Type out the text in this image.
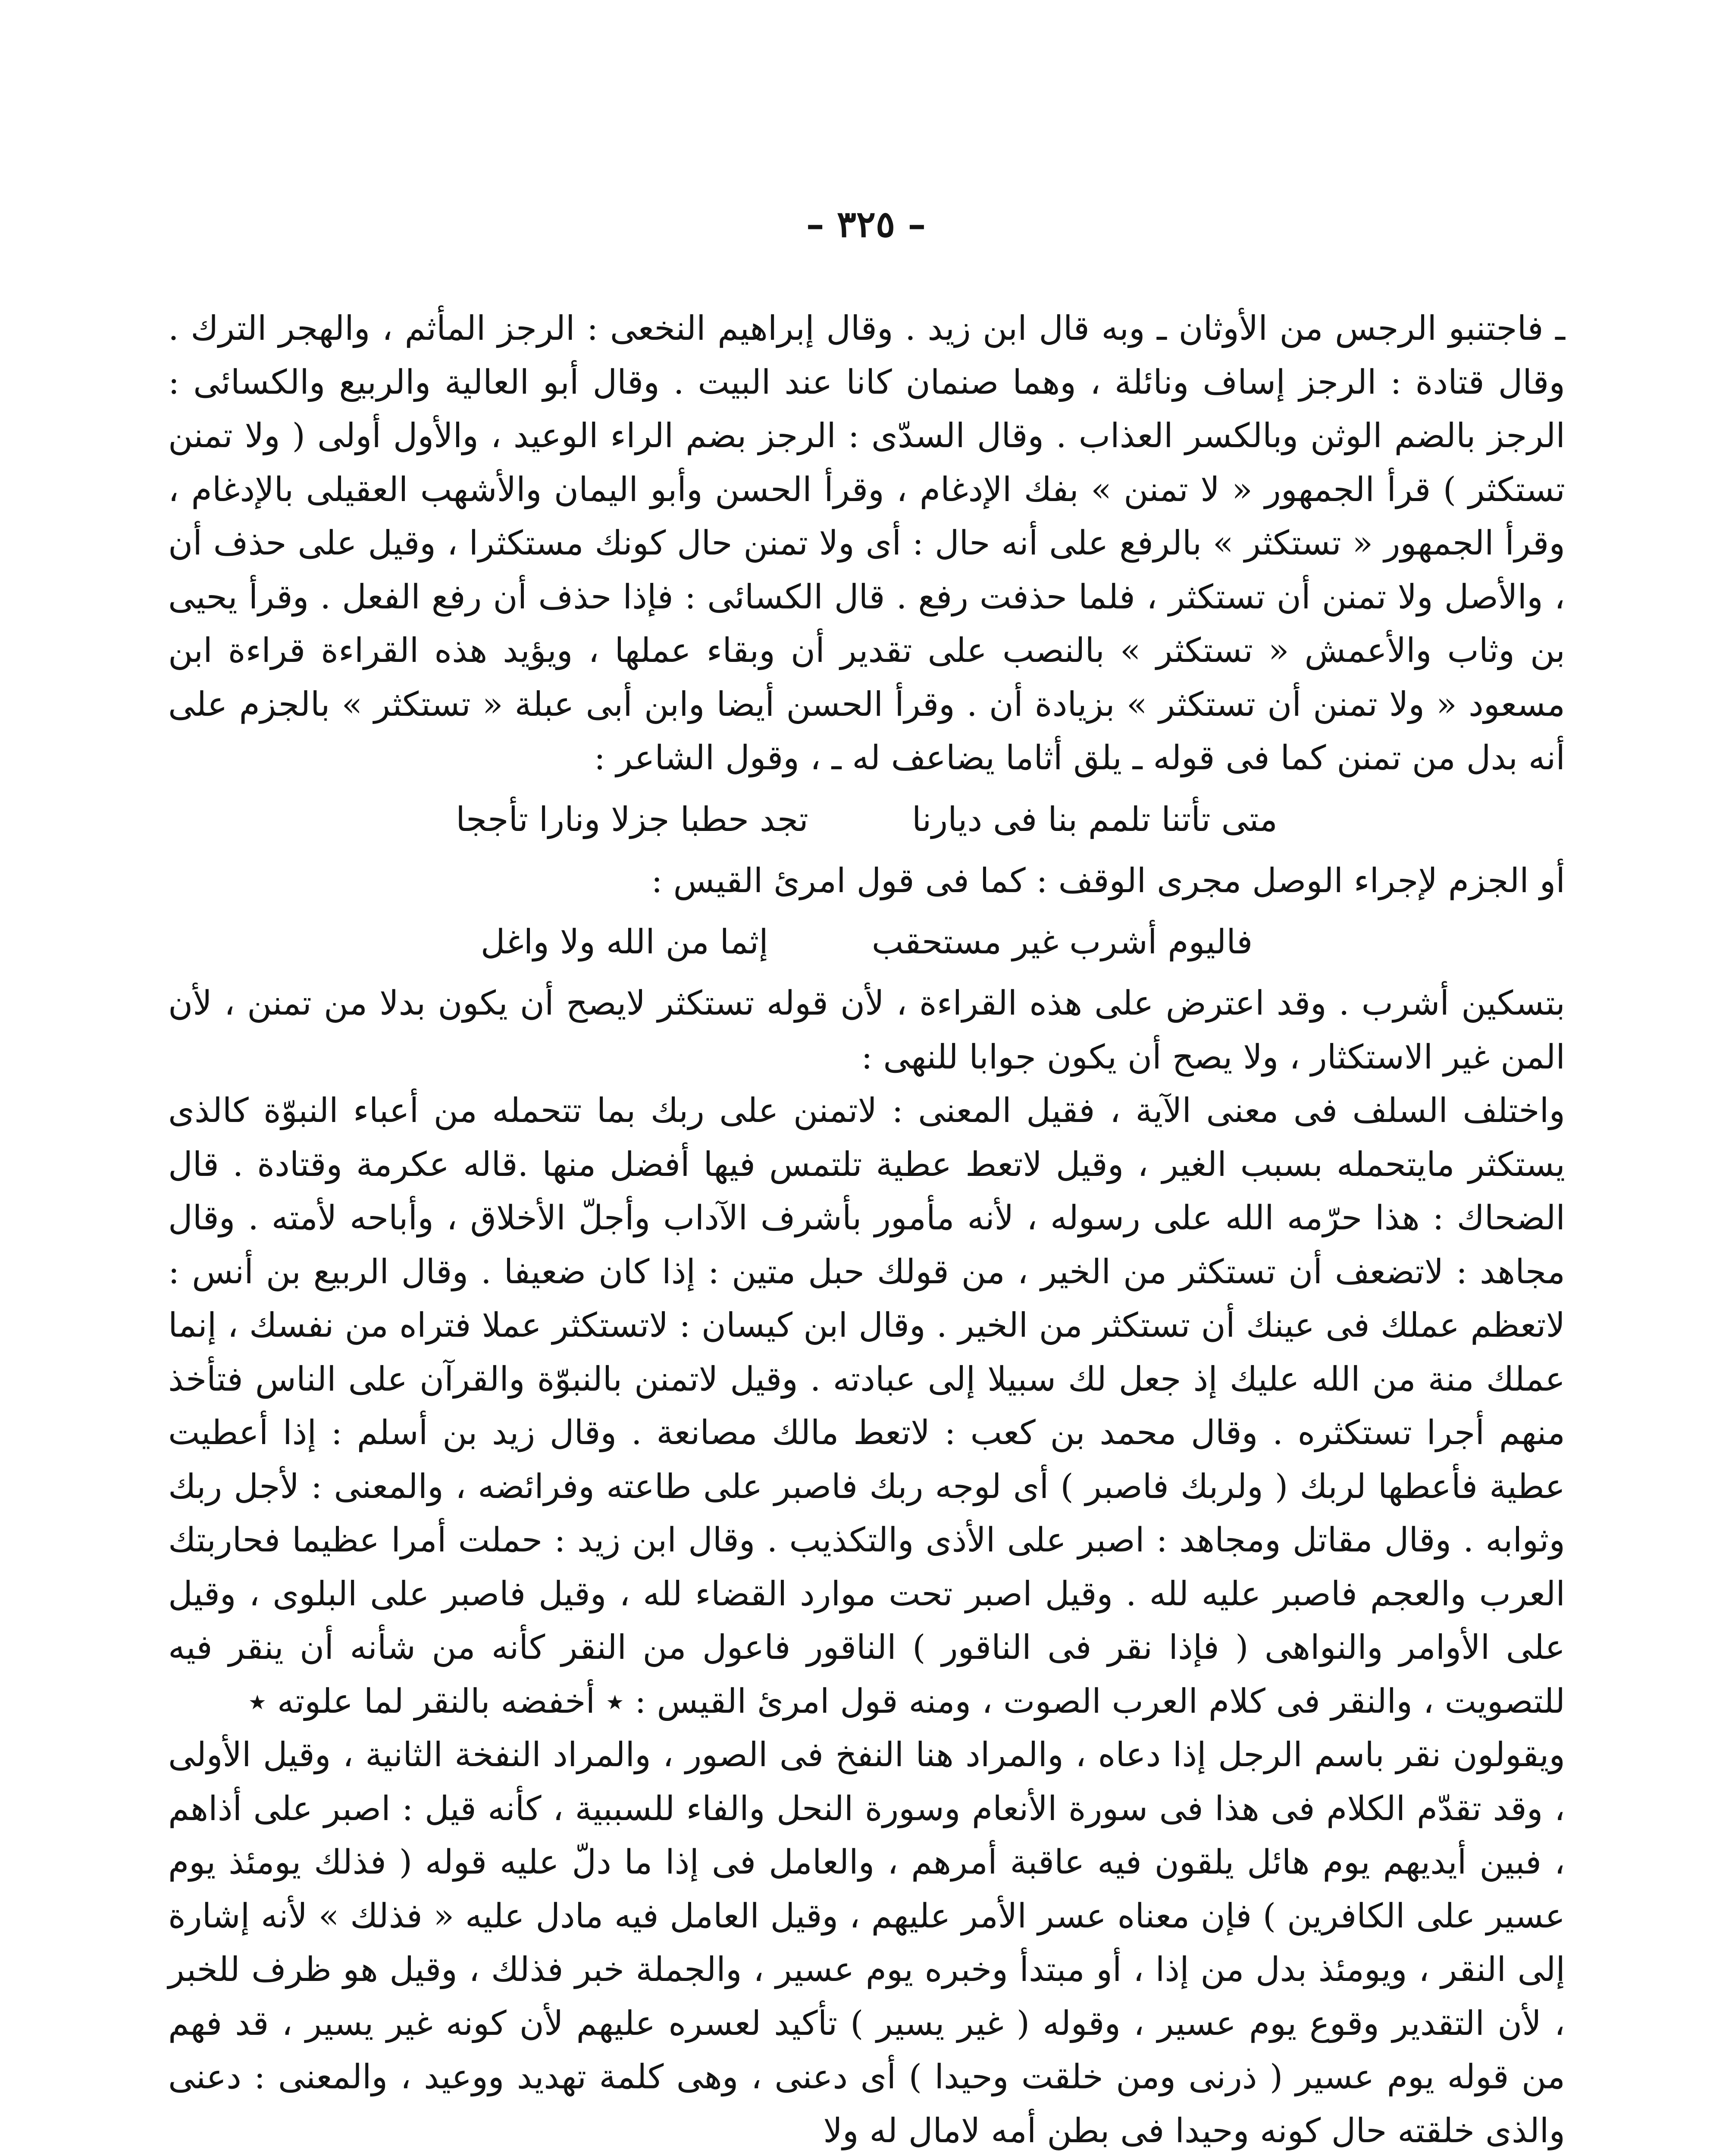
– ٣٢٥ –

ـ فاجتنبو الرجس من الأوثان ـ وبه قال ابن زيد . وقال إبراهيم النخعى : الرجز المأثم ، والهجر الترك . وقال قتادة : الرجز إساف ونائلة ، وهما صنمان كانا عند البيت . وقال أبو العالية والربيع والكسائى : الرجز بالضم الوثن وبالكسر العذاب . وقال السدّى : الرجز بضم الراء الوعيد ، والأول أولى ( ولا تمنن تستكثر ) قرأ الجمهور « لا تمنن » بفك الإدغام ، وقرأ الحسن وأبو اليمان والأشهب العقيلى بالإدغام ، وقرأ الجمهور « تستكثر » بالرفع على أنه حال : أى ولا تمنن حال كونك مستكثرا ، وقيل على حذف أن ، والأصل ولا تمنن أن تستكثر ، فلما حذفت رفع . قال الكسائى : فإذا حذف أن رفع الفعل . وقرأ يحيى بن وثاب والأعمش « تستكثر » بالنصب على تقدير أن وبقاء عملها ، ويؤيد هذه القراءة قراءة ابن مسعود « ولا تمنن أن تستكثر » بزيادة أن . وقرأ الحسن أيضا وابن أبى عبلة « تستكثر » بالجزم على أنه بدل من تمنن كما فى قوله ـ يلق أثاما يضاعف له ـ ، وقول الشاعر :

متى تأتنا تلمم بنا فى ديارنا
تجد حطبا جزلا ونارا تأججا

أو الجزم لإجراء الوصل مجرى الوقف : كما فى قول امرئ القيس :

فاليوم أشرب غير مستحقب
إثما من الله ولا واغل

بتسكين أشرب . وقد اعترض على هذه القراءة ، لأن قوله تستكثر لايصح أن يكون بدلا من تمنن ، لأن المن غير الاستكثار ، ولا يصح أن يكون جوابا للنهى :

واختلف السلف فى معنى الآية ، فقيل المعنى : لاتمنن على ربك بما تتحمله من أعباء النبوّة كالذى يستكثر مايتحمله بسبب الغير ، وقيل لاتعط عطية تلتمس فيها أفضل منها .قاله عكرمة وقتادة . قال الضحاك : هذا حرّمه الله على رسوله ، لأنه مأمور بأشرف الآداب وأجلّ الأخلاق ، وأباحه لأمته . وقال مجاهد : لاتضعف أن تستكثر من الخير ، من قولك حبل متين : إذا كان ضعيفا . وقال الربيع بن أنس : لاتعظم عملك فى عينك أن تستكثر من الخير . وقال ابن كيسان : لاتستكثر عملا فتراه من نفسك ، إنما عملك منة من الله عليك إذ جعل لك سبيلا إلى عبادته . وقيل لاتمنن بالنبوّة والقرآن على الناس فتأخذ منهم أجرا تستكثره . وقال محمد بن كعب : لاتعط مالك مصانعة . وقال زيد بن أسلم : إذا أعطيت عطية فأعطها لربك ( ولربك فاصبر ) أى لوجه ربك فاصبر على طاعته وفرائضه ، والمعنى : لأجل ربك وثوابه . وقال مقاتل ومجاهد : اصبر على الأذى والتكذيب . وقال ابن زيد : حملت أمرا عظيما فحاربتك العرب والعجم فاصبر عليه لله . وقيل اصبر تحت موارد القضاء لله ، وقيل فاصبر على البلوى ، وقيل على الأوامر والنواهى ( فإذا نقر فى الناقور ) الناقور فاعول من النقر كأنه من شأنه أن ينقر فيه للتصويت ، والنقر فى كلام العرب الصوت ، ومنه قول امرئ القيس : ٭ أخفضه بالنقر لما علوته ٭

ويقولون نقر باسم الرجل إذا دعاه ، والمراد هنا النفخ فى الصور ، والمراد النفخة الثانية ، وقيل الأولى ، وقد تقدّم الكلام فى هذا فى سورة الأنعام وسورة النحل والفاء للسببية ، كأنه قيل : اصبر على أذاهم ، فبين أيديهم يوم هائل يلقون فيه عاقبة أمرهم ، والعامل فى إذا ما دلّ عليه قوله ( فذلك يومئذ يوم عسير على الكافرين ) فإن معناه عسر الأمر عليهم ، وقيل العامل فيه مادل عليه « فذلك » لأنه إشارة إلى النقر ، ويومئذ بدل من إذا ، أو مبتدأ وخبره يوم عسير ، والجملة خبر فذلك ، وقيل هو ظرف للخبر ، لأن التقدير وقوع يوم عسير ، وقوله ( غير يسير ) تأكيد لعسره عليهم لأن كونه غير يسير ، قد فهم من قوله يوم عسير ( ذرنى ومن خلقت وحيدا ) أى دعنى ، وهى كلمة تهديد ووعيد ، والمعنى : دعنى والذى خلقته حال كونه وحيدا فى بطن أمه لامال له ولا
